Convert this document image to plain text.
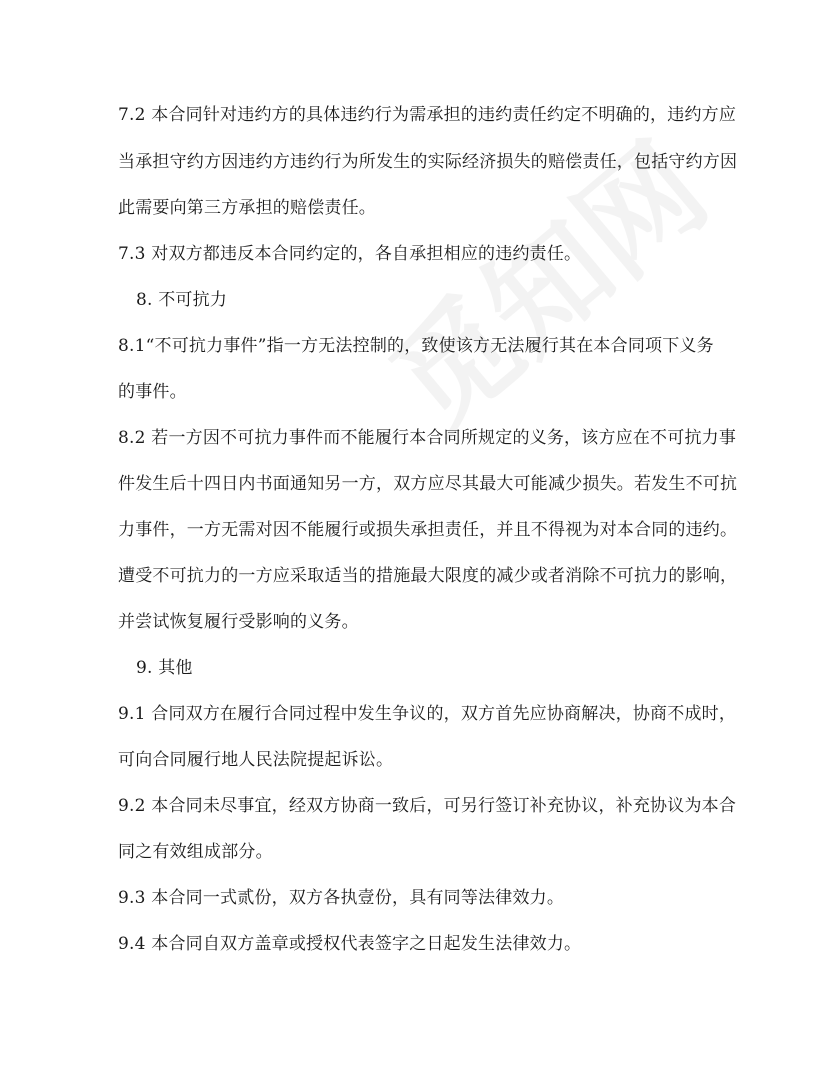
7.2 本合同针对违约方的具体违约行为需承担的违约责任约定不明确的，违约方应
当承担守约方因违约方违约行为所发生的实际经济损失的赔偿责任，包括守约方因
此需要向第三方承担的赔偿责任。
7.3 对双方都违反本合同约定的，各自承担相应的违约责任。
8. 不可抗力
8.1“不可抗力事件”指一方无法控制的，致使该方无法履行其在本合同项下义务
的事件。
8.2 若一方因不可抗力事件而不能履行本合同所规定的义务，该方应在不可抗力事
件发生后十四日内书面通知另一方，双方应尽其最大可能减少损失。若发生不可抗
力事件，一方无需对因不能履行或损失承担责任，并且不得视为对本合同的违约。
遭受不可抗力的一方应采取适当的措施最大限度的减少或者消除不可抗力的影响，
并尝试恢复履行受影响的义务。
9. 其他
9.1 合同双方在履行合同过程中发生争议的，双方首先应协商解决，协商不成时，
可向合同履行地人民法院提起诉讼。
9.2 本合同未尽事宜，经双方协商一致后，可另行签订补充协议，补充协议为本合
同之有效组成部分。
9.3 本合同一式贰份，双方各执壹份，具有同等法律效力。
9.4 本合同自双方盖章或授权代表签字之日起发生法律效力。
